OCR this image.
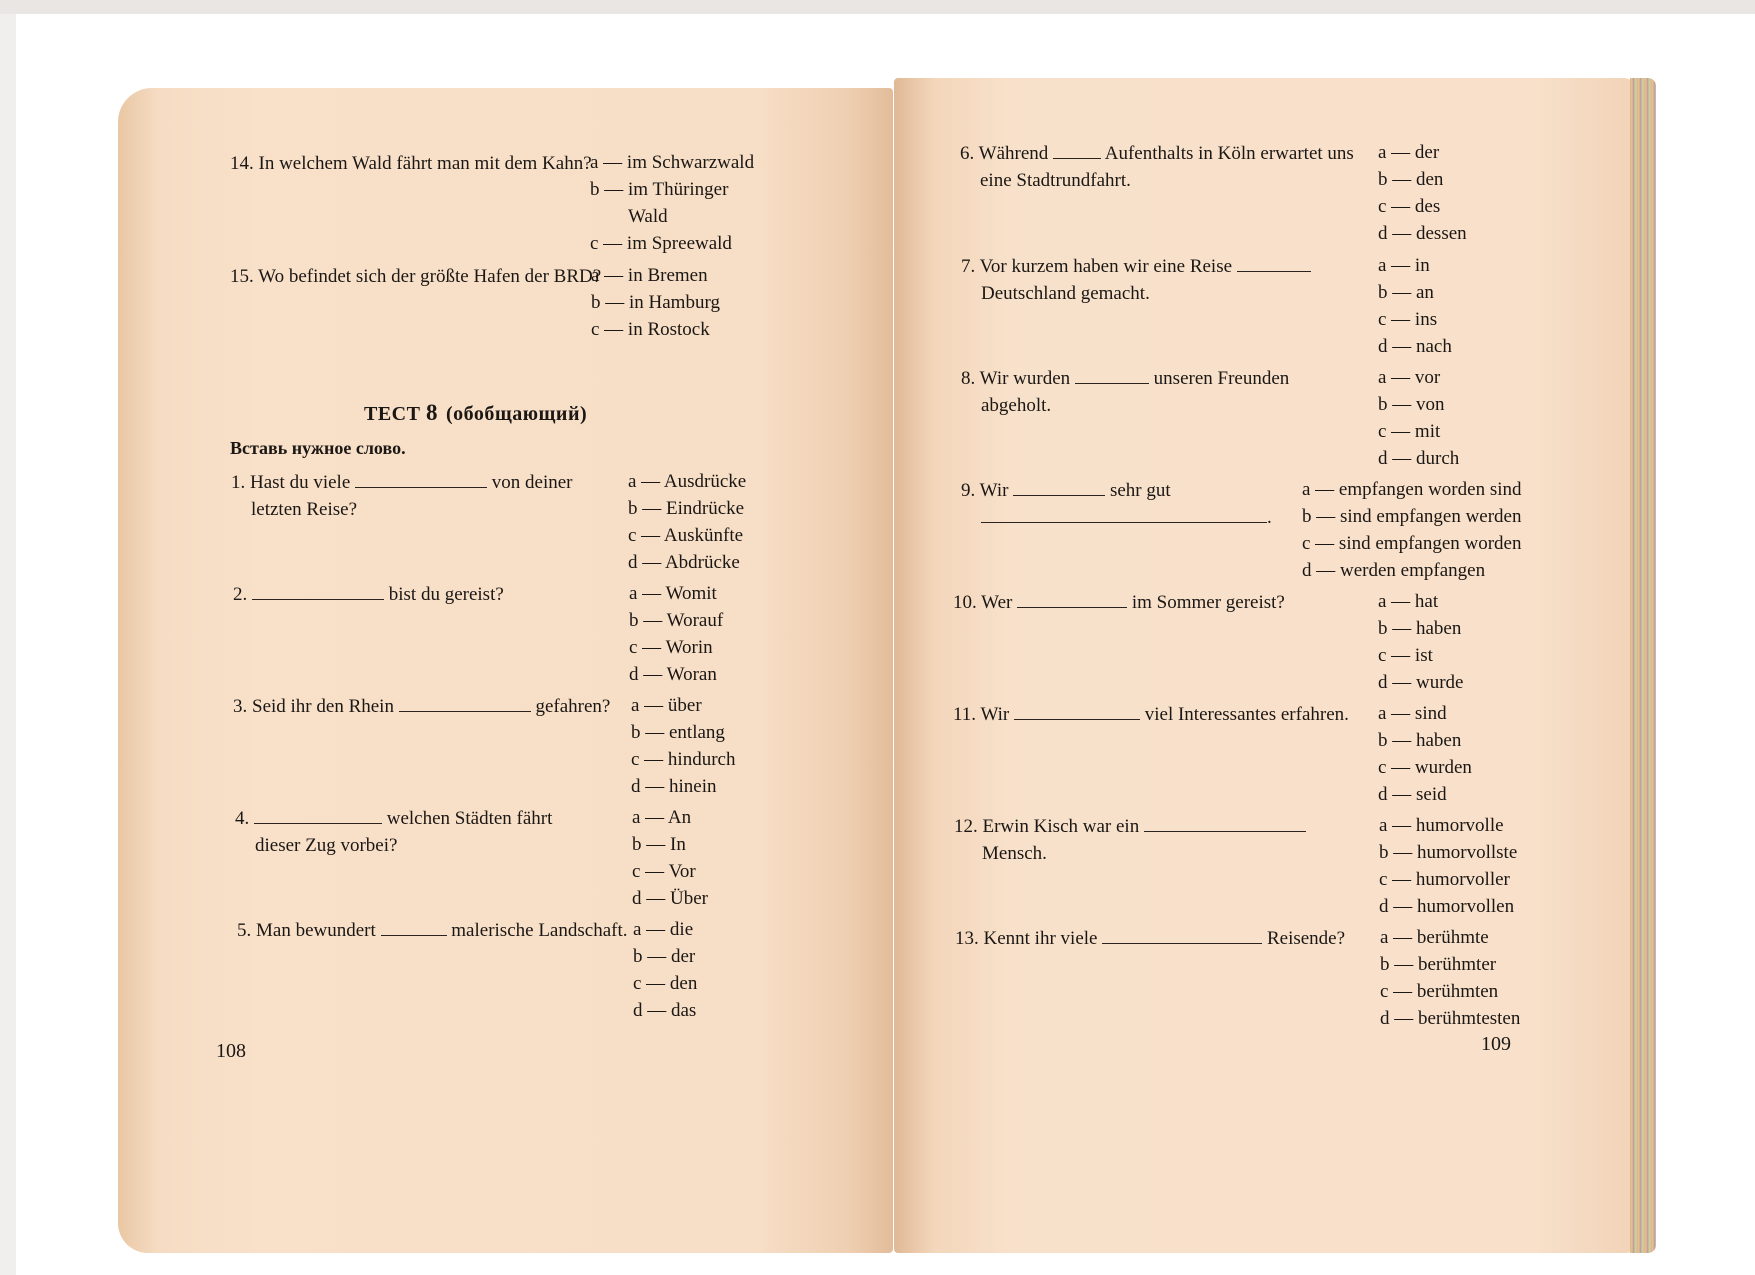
14. In welchem Wald fährt man mit dem Kahn?
a — im Schwarzwald
b — im Thüringer
Wald
c — im Spreewald
15. Wo befindet sich der größte Hafen der BRD?
a — in Bremen
b — in Hamburg
c — in Rostock
ТЕСТ 8 (обобщающий)
Вставь нужное слово.
1. Hast du viele	von deiner
letzten Reise?
a — Ausdrücke
b — Eindrücke
c — Auskünfte
d — Abdrücke
2.	bist du gereist?	a — Womit
b — Worauf
c — Worin
d — Woran
3. Seid ihr den Rhein	gefahren? a — über
b — entlang
c — hindurch
d — hinein
4.	welchen Städten fährt
dieser Zug vorbei?
a — An
b — In
c — Vor
d — Über
5. Man bewundert	malerische Landschaft. a — die
b — der
c — den
d — das
108
6. Während	Aufenthalts in Köln erwartet uns
eine Stadtrundfahrt.
a — der
b — den
c — des
d — dessen
7. Vor kurzem haben wir eine Reise
Deutschland gemacht.
a — in
b — an
c — ins
d — nach
8. Wir wurden	unseren Freunden
abgeholt.
a — vor
b — von
c — mit
d — durch
9. Wir	sehr gut
.
a — empfangen worden sind
b — sind empfangen werden
c — sind empfangen worden
d — werden empfangen
10. Wer	im Sommer gereist?	a — hat
b — haben
c — ist
d — wurde
11. Wir	viel Interessantes erfahren. a — sind
b — haben
c — wurden
d — seid
12. Erwin Kisch war ein
Mensch.
a — humorvolle
b — humorvollste
c — humorvoller
d — humorvollen
13. Kennt ihr viele	Reisende? a — berühmte
b — berühmter
c — berühmten
d — berühmtesten
109
